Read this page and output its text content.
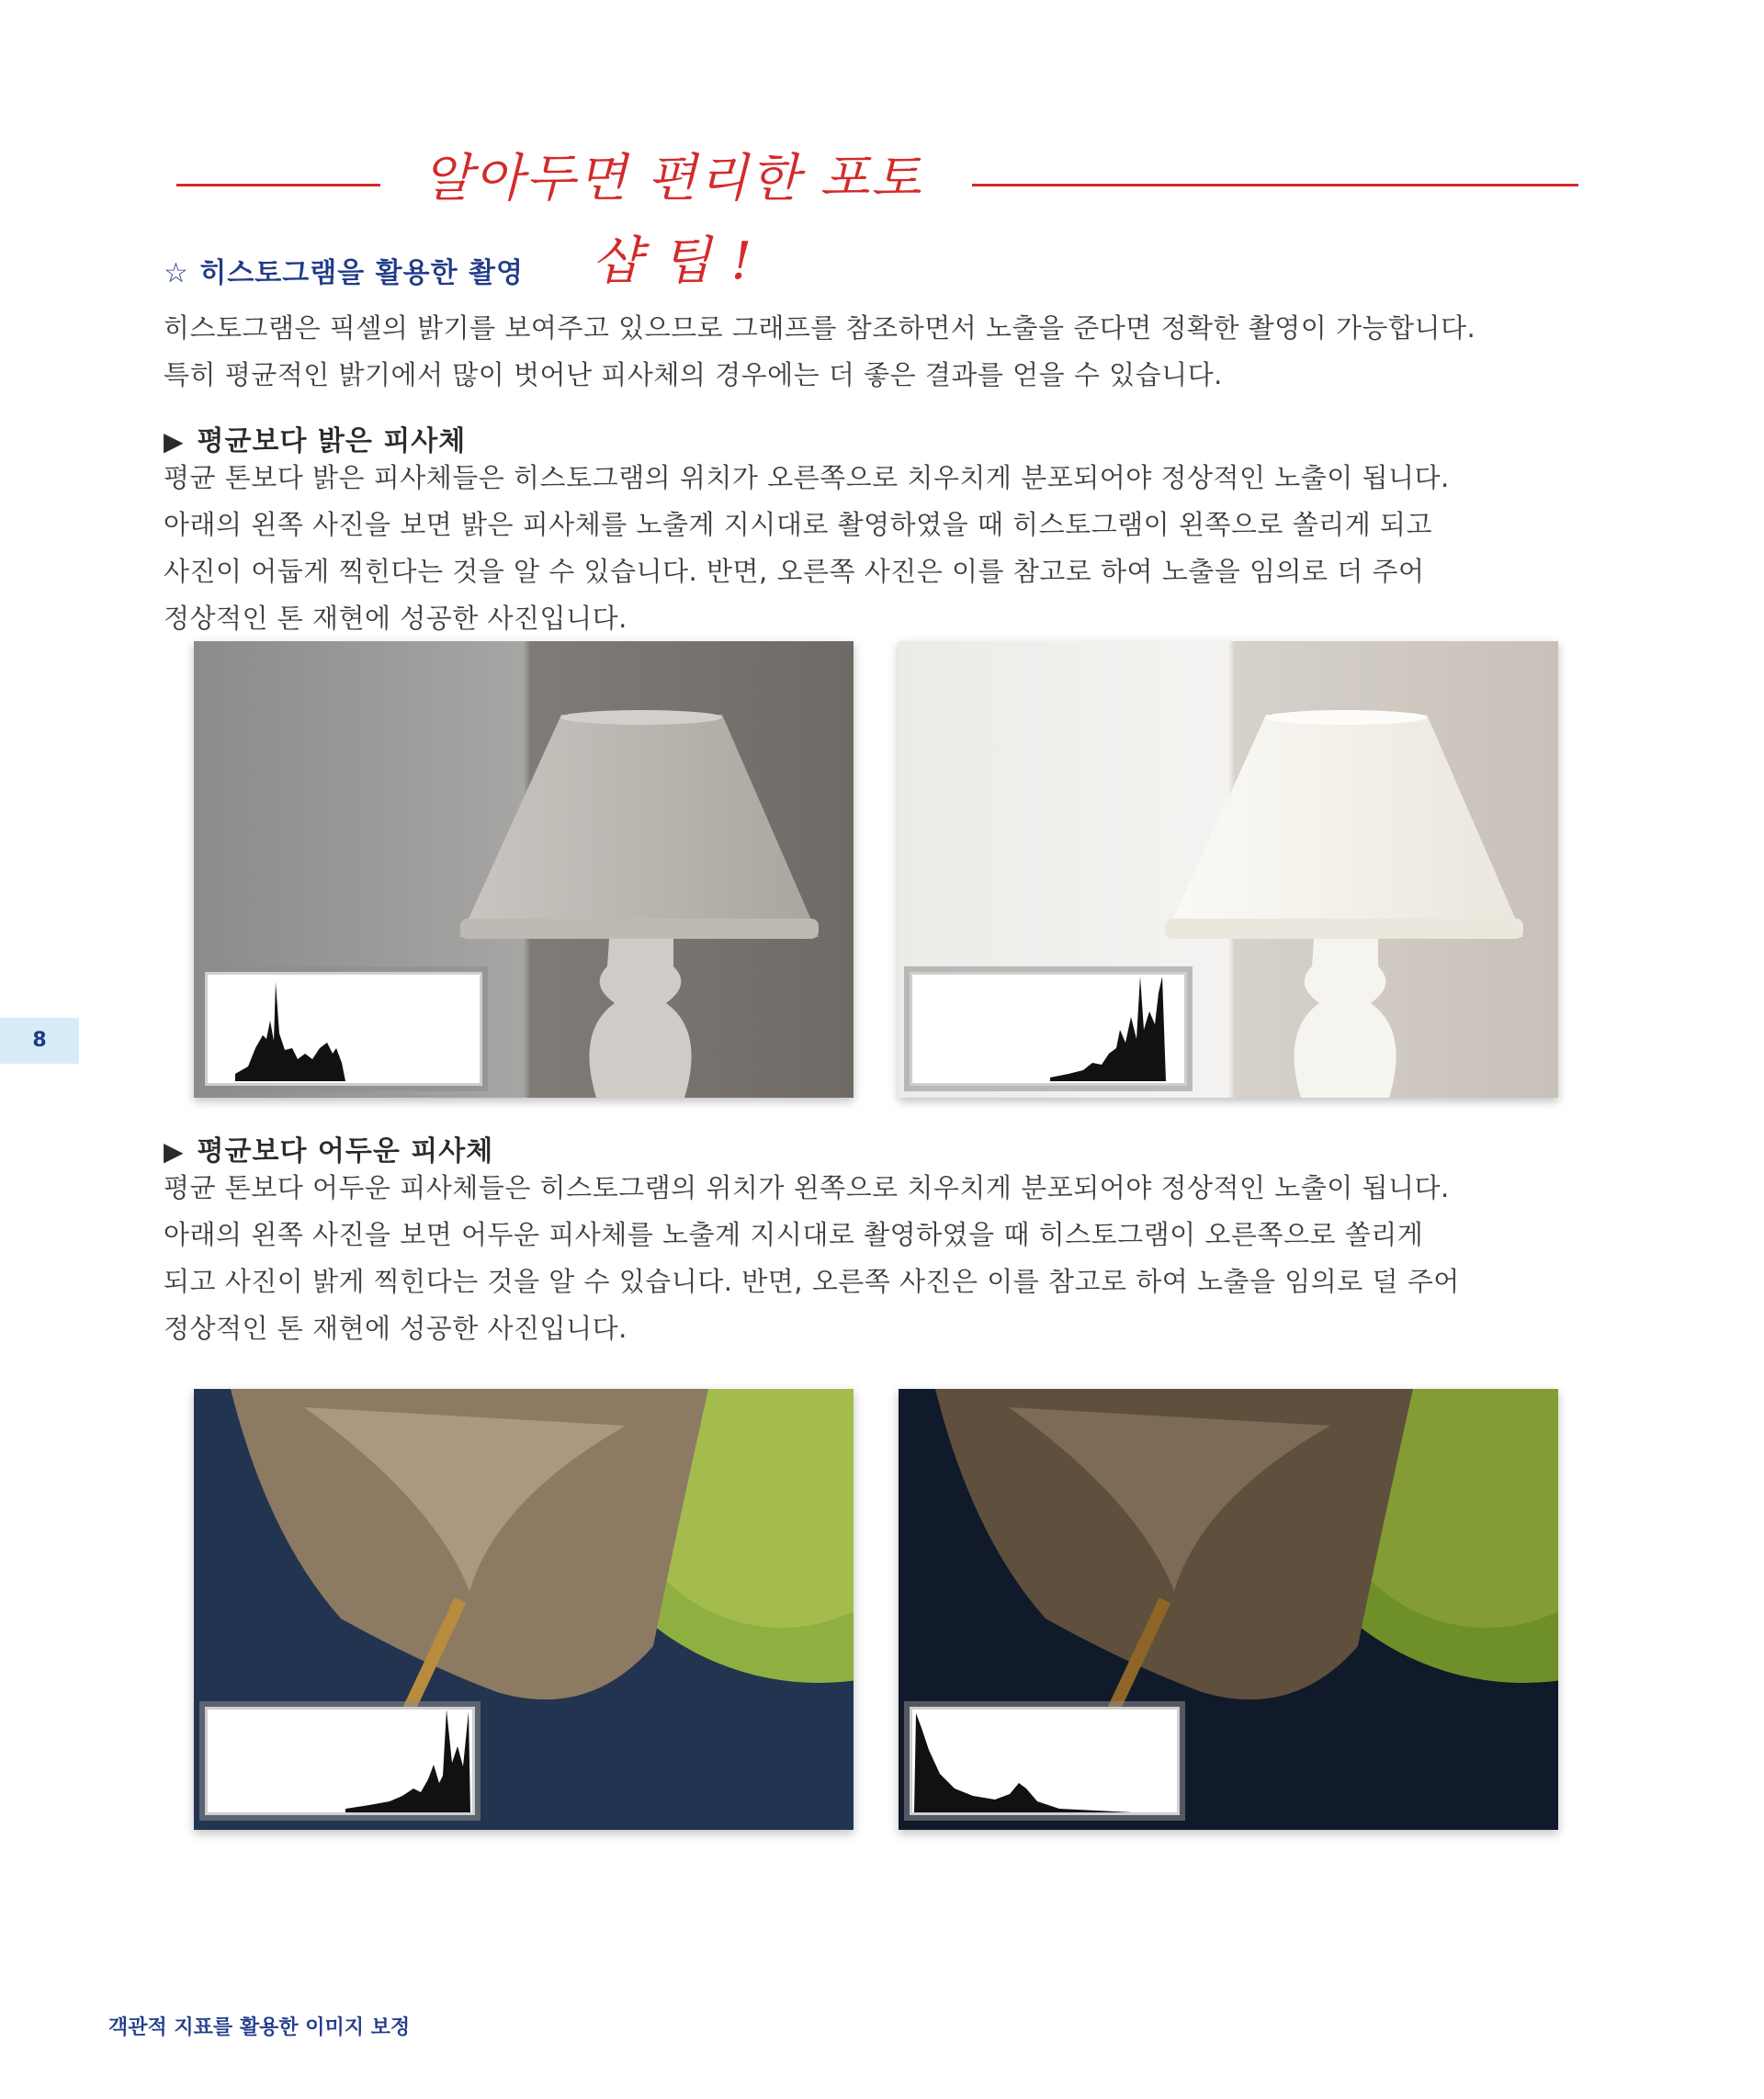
알아두면 편리한 포토샵 팁 !
☆ 히스토그램을 활용한 촬영
히스토그램은 픽셀의 밝기를 보여주고 있으므로 그래프를 참조하면서 노출을 준다면 정확한 촬영이 가능합니다.
특히 평균적인 밝기에서 많이 벗어난 피사체의 경우에는 더 좋은 결과를 얻을 수 있습니다.
▶ 평균보다 밝은 피사체
평균 톤보다 밝은 피사체들은 히스토그램의 위치가 오른쪽으로 치우치게 분포되어야 정상적인 노출이 됩니다.
아래의 왼쪽 사진을 보면 밝은 피사체를 노출계 지시대로 촬영하였을 때 히스토그램이 왼쪽으로 쏠리게 되고
사진이 어둡게 찍힌다는 것을 알 수 있습니다. 반면, 오른쪽 사진은 이를 참고로 하여 노출을 임의로 더 주어
정상적인 톤 재현에 성공한 사진입니다.
▶ 평균보다 어두운 피사체
평균 톤보다 어두운 피사체들은 히스토그램의 위치가 왼쪽으로 치우치게 분포되어야 정상적인 노출이 됩니다.
아래의 왼쪽 사진을 보면 어두운 피사체를 노출계 지시대로 촬영하였을 때 히스토그램이 오른쪽으로 쏠리게
되고 사진이 밝게 찍힌다는 것을 알 수 있습니다. 반면, 오른쪽 사진은 이를 참고로 하여 노출을 임의로 덜 주어
정상적인 톤 재현에 성공한 사진입니다.
8
객관적 지표를 활용한 이미지 보정
